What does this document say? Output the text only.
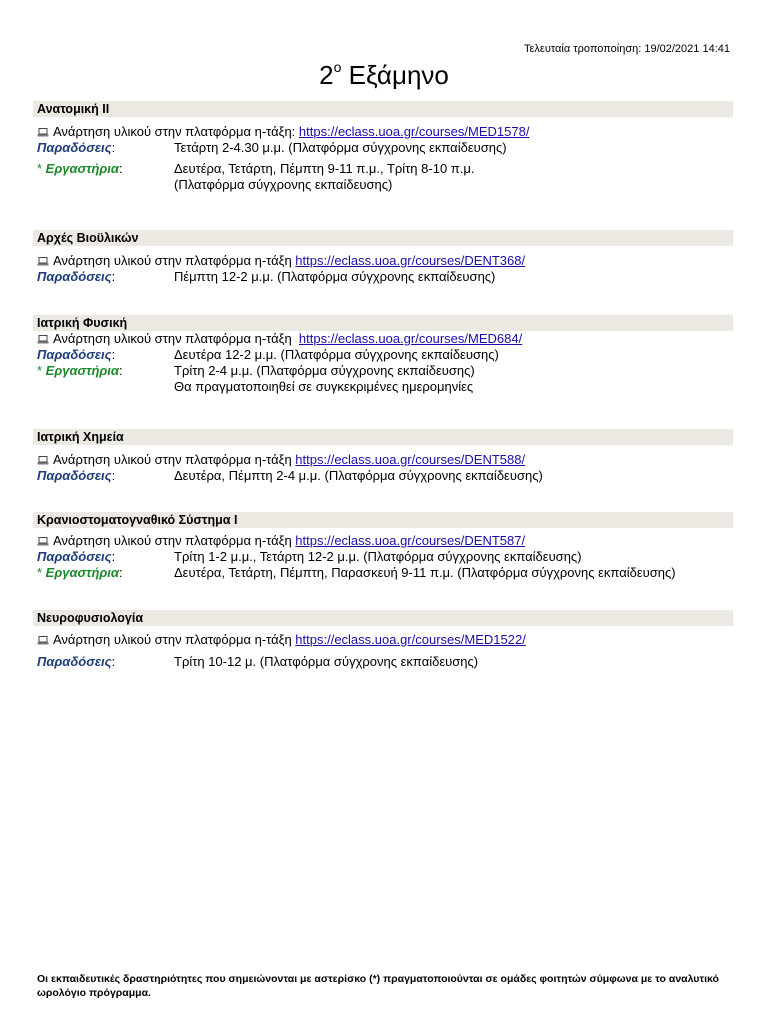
Τελευταία τροποποίηση: 19/02/2021 14:41
$2^o$ Εξάμηνο
Ανατομική ΙΙ
Ανάρτηση υλικού στην πλατφόρμα η-τάξη: https://eclass.uoa.gr/courses/MED1578/
Παραδόσεις:	Τετάρτη 2-4.30 μ.μ. (Πλατφόρμα σύγχρονης εκπαίδευσης)
* Εργαστήρια:	Δευτέρα, Τετάρτη, Πέμπτη 9-11 π.μ., Τρίτη 8-10 π.μ.
(Πλατφόρμα σύγχρονης εκπαίδευσης)
Αρχές Βιοϋλικών
Ανάρτηση υλικού στην πλατφόρμα η-τάξη https://eclass.uoa.gr/courses/DENT368/
Παραδόσεις:	Πέμπτη 12-2 μ.μ. (Πλατφόρμα σύγχρονης εκπαίδευσης)
Ιατρική Φυσική
Ανάρτηση υλικού στην πλατφόρμα η-τάξη https://eclass.uoa.gr/courses/MED684/
Παραδόσεις:	Δευτέρα 12-2 μ.μ. (Πλατφόρμα σύγχρονης εκπαίδευσης)
* Εργαστήρια:	Τρίτη 2-4 μ.μ. (Πλατφόρμα σύγχρονης εκπαίδευσης)
Θα πραγματοποιηθεί σε συγκεκριμένες ημερομηνίες
Ιατρική Χημεία
Ανάρτηση υλικού στην πλατφόρμα η-τάξη https://eclass.uoa.gr/courses/DENT588/
Παραδόσεις:	Δευτέρα, Πέμπτη 2-4 μ.μ. (Πλατφόρμα σύγχρονης εκπαίδευσης)
Κρανιοστοματογναθικό Σύστημα Ι
Ανάρτηση υλικού στην πλατφόρμα η-τάξη https://eclass.uoa.gr/courses/DENT587/
Παραδόσεις:	Τρίτη 1-2 μ.μ., Τετάρτη 12-2 μ.μ. (Πλατφόρμα σύγχρονης εκπαίδευσης)
* Εργαστήρια:	Δευτέρα, Τετάρτη, Πέμπτη, Παρασκευή 9-11 π.μ. (Πλατφόρμα σύγχρονης εκπαίδευσης)
Νευροφυσιολογία
Ανάρτηση υλικού στην πλατφόρμα η-τάξη https://eclass.uoa.gr/courses/MED1522/
Παραδόσεις:	Τρίτη 10-12 μ. (Πλατφόρμα σύγχρονης εκπαίδευσης)
Οι εκπαιδευτικές δραστηριότητες που σημειώνονται με αστερίσκο (*) πραγματοποιούνται σε ομάδες φοιτητών σύμφωνα με το αναλυτικό ωρολόγιο πρόγραμμα.
